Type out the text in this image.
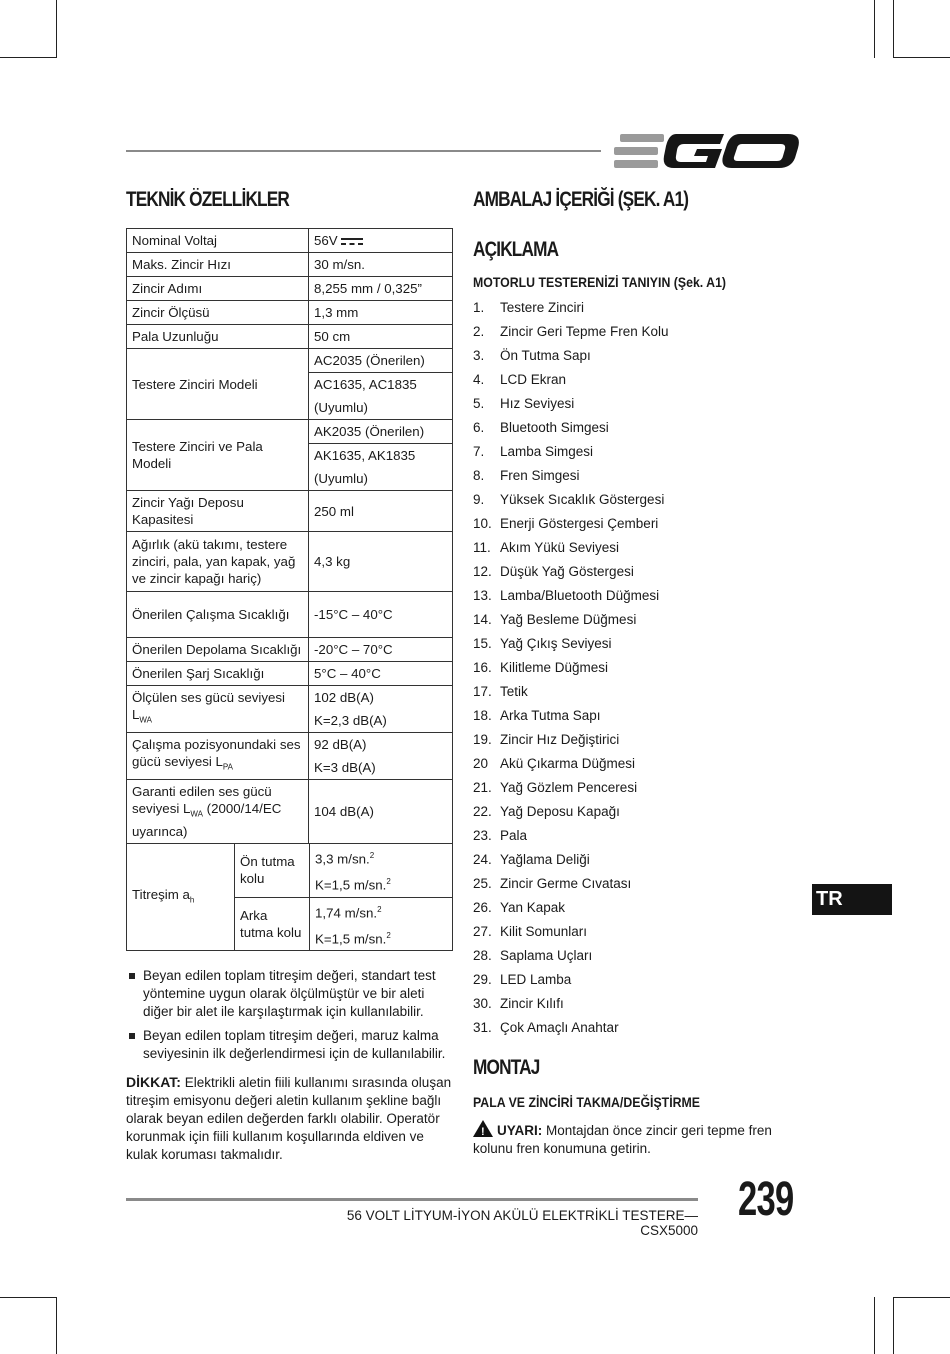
TEKNİK ÖZELLİKLER
Nominal Voltaj	56V
Maks. Zincir Hızı	30 m/sn.
Zincir Adımı	8,255 mm / 0,325”
Zincir Ölçüsü	1,3 mm
Pala Uzunluğu	50 cm
Testere Zinciri Modeli	AC2035 (Önerilen)
	AC1635, AC1835
	(Uyumlu)
Testere Zinciri ve Pala Modeli	AK2035 (Önerilen)
	AK1635, AK1835
	(Uyumlu)
Zincir Yağı Deposu Kapasitesi	250 ml
Ağırlık (akü takımı, testere zinciri, pala, yan kapak, yağ ve zincir kapağı hariç)	4,3 kg
Önerilen Çalışma Sıcaklığı	-15°C – 40°C
Önerilen Depolama Sıcaklığı	-20°C – 70°C
Önerilen Şarj Sıcaklığı	5°C – 40°C
Ölçülen ses gücü seviyesi $L_{WA}$	102 dB(A)
	K=2,3 dB(A)
Çalışma pozisyonundaki ses gücü seviyesi $L_{PA}$	92 dB(A)
	K=3 dB(A)
Garanti edilen ses gücü seviyesi $L_{WA}$ (2000/14/EC uyarınca)	104 dB(A)
Titreşim $a_h$	Ön tutma kolu	3,3 m/sn.$^2$
		K=1,5 m/sn.$^2$
	Arka tutma kolu	1,74 m/sn.$^2$
		K=1,5 m/sn.$^2$
Beyan edilen toplam titreşim değeri, standart test yöntemine uygun olarak ölçülmüştür ve bir aleti diğer bir alet ile karşılaştırmak için kullanılabilir.
Beyan edilen toplam titreşim değeri, maruz kalma seviyesinin ilk değerlendirmesi için de kullanılabilir.
DİKKAT: Elektrikli aletin fiili kullanımı sırasında oluşan titreşim emisyonu değeri aletin kullanım şekline bağlı olarak beyan edilen değerden farklı olabilir. Operatör korunmak için fiili kullanım koşullarında eldiven ve kulak koruması takmalıdır.
AMBALAJ İÇERİĞİ (ŞEK. A1)
AÇIKLAMA
MOTORLU TESTERENİZİ TANIYIN (Şek. A1)
1.	Testere Zinciri
2.	Zincir Geri Tepme Fren Kolu
3.	Ön Tutma Sapı
4.	LCD Ekran
5.	Hız Seviyesi
6.	Bluetooth Simgesi
7.	Lamba Simgesi
8.	Fren Simgesi
9.	Yüksek Sıcaklık Göstergesi
10. Enerji Göstergesi Çemberi
11. Akım Yükü Seviyesi
12. Düşük Yağ Göstergesi
13. Lamba/Bluetooth Düğmesi
14. Yağ Besleme Düğmesi
15. Yağ Çıkış Seviyesi
16. Kilitleme Düğmesi
17. Tetik
18. Arka Tutma Sapı
19. Zincir Hız Değiştirici
20 Akü Çıkarma Düğmesi
21. Yağ Gözlem Penceresi
22. Yağ Deposu Kapağı
23. Pala
24. Yağlama Deliği
25. Zincir Germe Cıvatası
26. Yan Kapak
27. Kilit Somunları
28. Saplama Uçları
29. LED Lamba
30. Zincir Kılıfı
31. Çok Amaçlı Anahtar
MONTAJ
PALA VE ZİNCİRİ TAKMA/DEĞİŞTİRME
! UYARI: Montajdan önce zincir geri tepme fren kolunu fren konumuna getirin.
TR
56 VOLT LİTYUM-İYON AKÜLÜ ELEKTRİKLİ TESTERE— CSX5000
239
